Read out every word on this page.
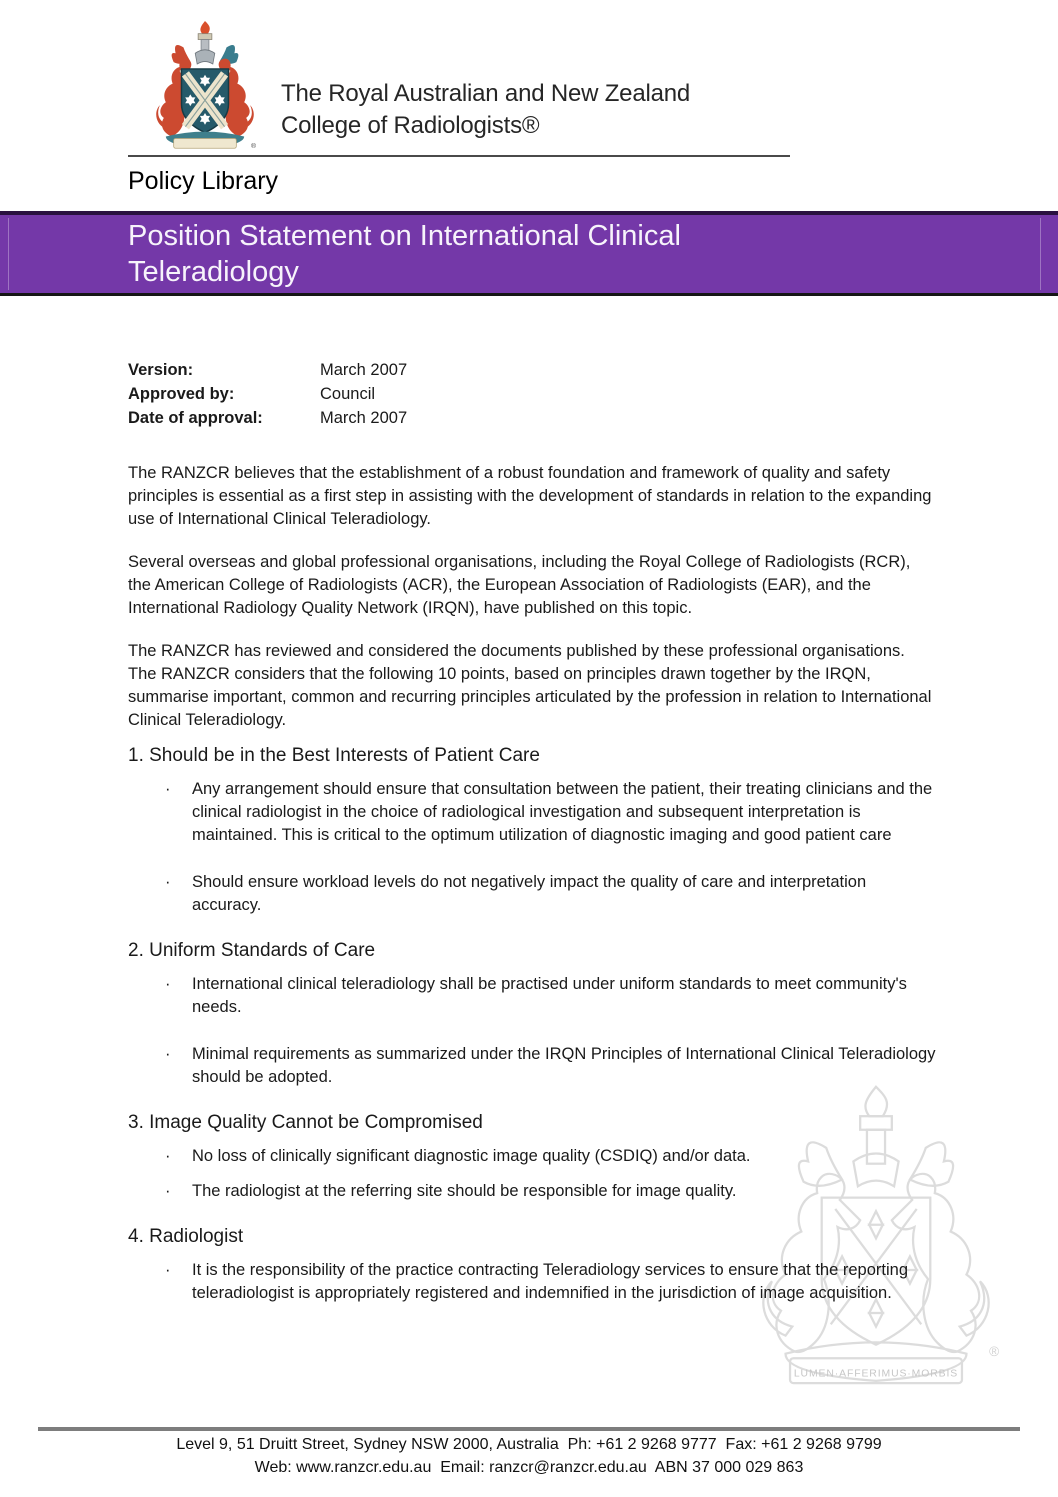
®
The Royal Australian and New Zealand
College of Radiologists®
Policy Library
Position Statement on International Clinical Teleradiology
Version:	March 2007
Approved by:	Council
Date of approval:	March 2007

The RANZCR believes that the establishment of a robust foundation and framework of quality and safety principles is essential as a first step in assisting with the development of standards in relation to the expanding use of International Clinical Teleradiology.

Several overseas and global professional organisations, including the Royal College of Radiologists (RCR), the American College of Radiologists (ACR), the European Association of Radiologists (EAR), and the International Radiology Quality Network (IRQN), have published on this topic.

The RANZCR has reviewed and considered the documents published by these professional organisations. The RANZCR considers that the following 10 points, based on principles drawn together by the IRQN, summarise important, common and recurring principles articulated by the profession in relation to International Clinical Teleradiology.

1. Should be in the Best Interests of Patient Care
·	Any arrangement should ensure that consultation between the patient, their treating clinicians and the clinical radiologist in the choice of radiological investigation and subsequent interpretation is maintained. This is critical to the optimum utilization of diagnostic imaging and good patient care
·	Should ensure workload levels do not negatively impact the quality of care and interpretation accuracy.
2. Uniform Standards of Care
·	International clinical teleradiology shall be practised under uniform standards to meet community's needs.
·	Minimal requirements as summarized under the IRQN Principles of International Clinical Teleradiology should be adopted.
3. Image Quality Cannot be Compromised
·	No loss of clinically significant diagnostic image quality (CSDIQ) and/or data.
·	The radiologist at the referring site should be responsible for image quality.
4. Radiologist
·	It is the responsibility of the practice contracting Teleradiology services to ensure that the reporting teleradiologist is appropriately registered and indemnified in the jurisdiction of image acquisition.
LUMEN·AFFERIMUS·MORBIS
®
Level 9, 51 Druitt Street, Sydney NSW 2000, Australia  Ph: +61 2 9268 9777  Fax: +61 2 9268 9799
Web: www.ranzcr.edu.au  Email: ranzcr@ranzcr.edu.au  ABN 37 000 029 863
